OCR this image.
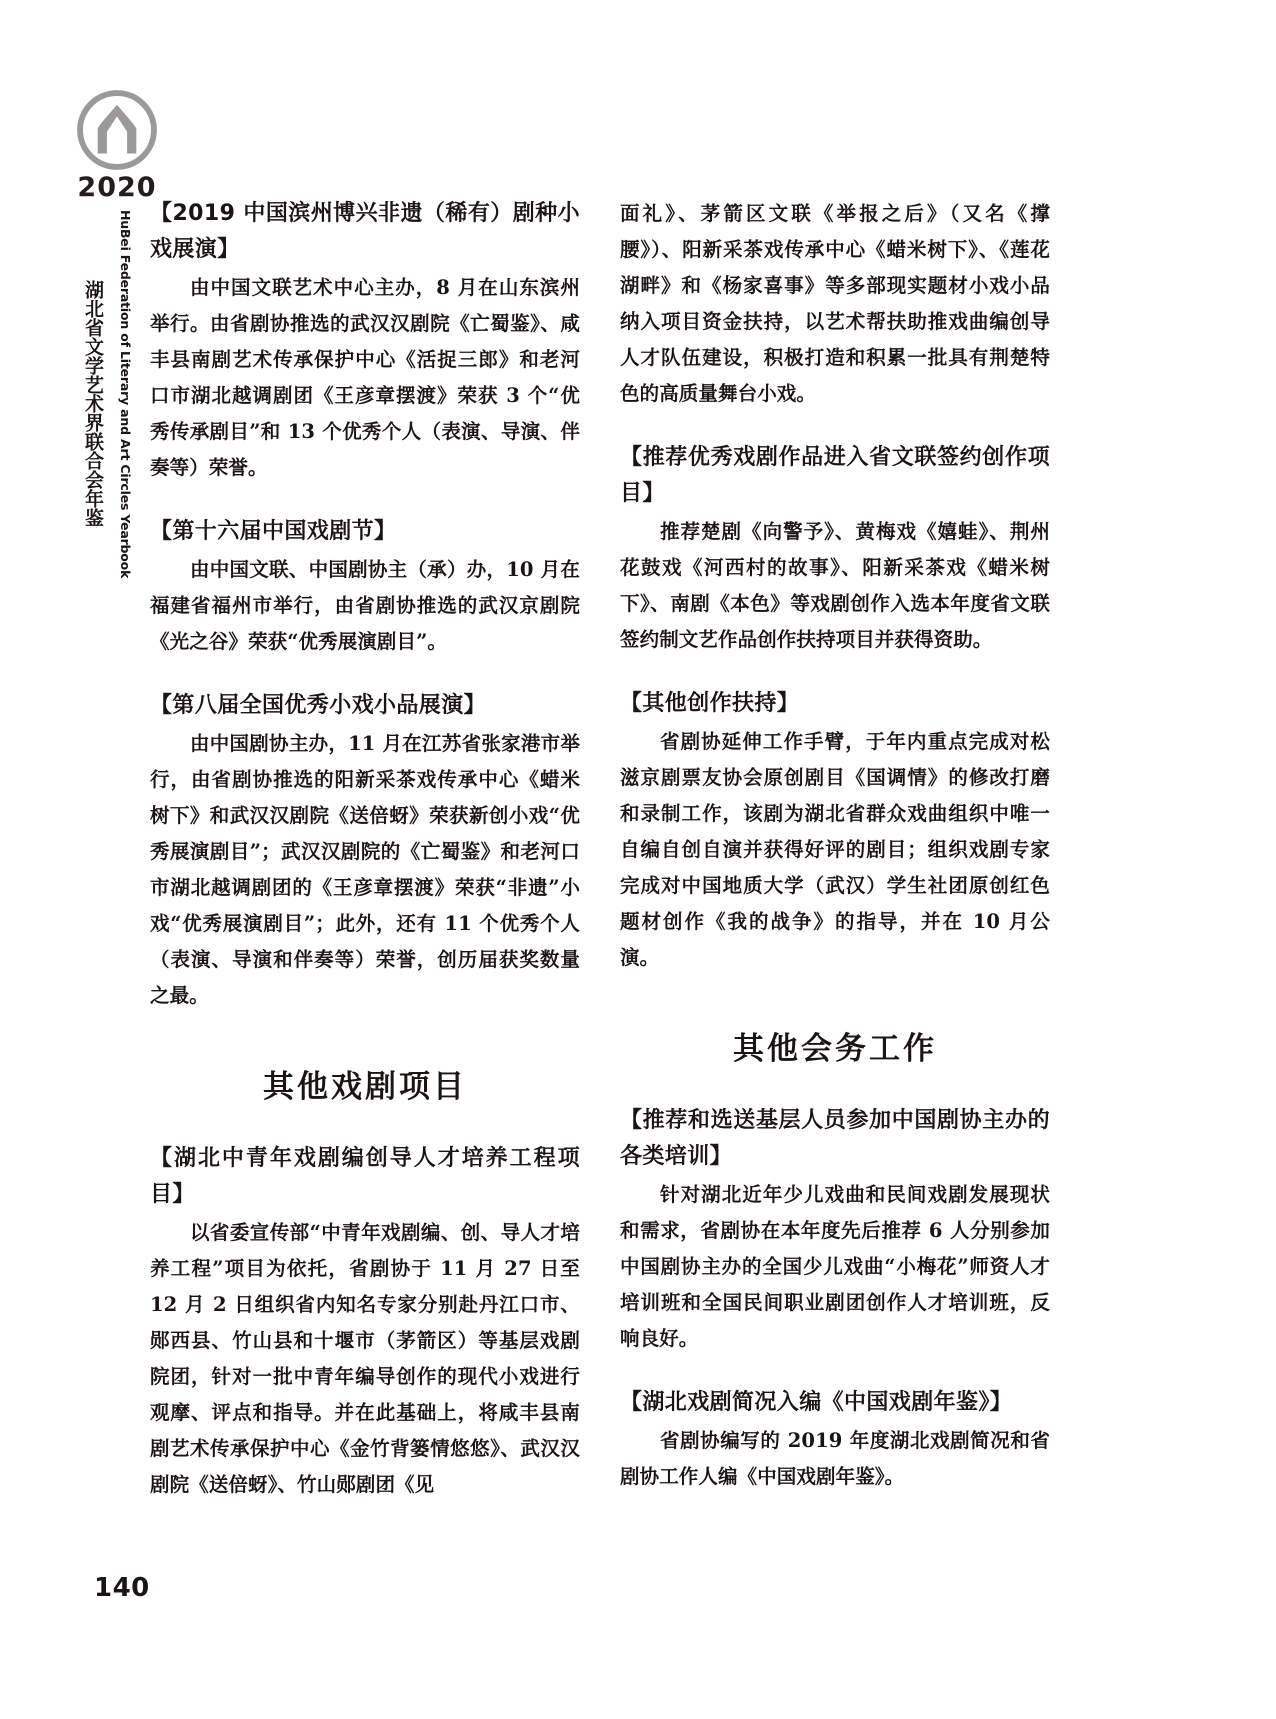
2020
湖北省文学艺术界联合会年鉴	HuBei Federation of Literary and Art Circles Yearbook 【2019 中国滨州博兴非遗（稀有）剧种小戏展演】

由中国文联艺术中心主办，8 月在山东滨州举行。由省剧协推选的武汉汉剧院《亡蜀鉴》、咸丰县南剧艺术传承保护中心《活捉三郎》和老河口市湖北越调剧团《王彦章摆渡》荣获 3 个“优秀传承剧目”和 13 个优秀个人（表演、导演、伴奏等）荣誉。

【第十六届中国戏剧节】

由中国文联、中国剧协主（承）办，10 月在福建省福州市举行，由省剧协推选的武汉京剧院《光之谷》荣获“优秀展演剧目”。

【第八届全国优秀小戏小品展演】

由中国剧协主办，11 月在江苏省张家港市举行，由省剧协推选的阳新采茶戏传承中心《蜡米树下》和武汉汉剧院《送倍蚜》荣获新创小戏“优秀展演剧目”；武汉汉剧院的《亡蜀鉴》和老河口市湖北越调剧团的《王彦章摆渡》荣获“非遗”小戏“优秀展演剧目”；此外，还有 11 个优秀个人（表演、导演和伴奏等）荣誉，创历届获奖数量之最。

其他戏剧项目
【湖北中青年戏剧编创导人才培养工程项目】

以省委宣传部“中青年戏剧编、创、导人才培养工程”项目为依托，省剧协于 11 月 27 日至 12 月 2 日组织省内知名专家分别赴丹江口市、郧西县、竹山县和十堰市（茅箭区）等基层戏剧院团，针对一批中青年编导创作的现代小戏进行观摩、评点和指导。并在此基础上，将咸丰县南剧艺术传承保护中心《金竹背篓情悠悠》、武汉汉剧院《送倍蚜》、竹山郧剧团《见

面礼》、茅箭区文联《举报之后》（又名《撑腰》）、阳新采茶戏传承中心《蜡米树下》、《莲花湖畔》和《杨家喜事》等多部现实题材小戏小品纳入项目资金扶持，以艺术帮扶助推戏曲编创导人才队伍建设，积极打造和积累一批具有荆楚特色的高质量舞台小戏。

【推荐优秀戏剧作品进入省文联签约创作项目】

推荐楚剧《向警予》、黄梅戏《嬉蛙》、荆州花鼓戏《河西村的故事》、阳新采茶戏《蜡米树下》、南剧《本色》等戏剧创作入选本年度省文联签约制文艺作品创作扶持项目并获得资助。

【其他创作扶持】

省剧协延伸工作手臂，于年内重点完成对松滋京剧票友协会原创剧目《国调情》的修改打磨和录制工作，该剧为湖北省群众戏曲组织中唯一自编自创自演并获得好评的剧目；组织戏剧专家完成对中国地质大学（武汉）学生社团原创红色题材创作《我的战争》的指导，并在 10 月公演。

其他会务工作
【推荐和选送基层人员参加中国剧协主办的各类培训】

针对湖北近年少儿戏曲和民间戏剧发展现状和需求，省剧协在本年度先后推荐 6 人分别参加中国剧协主办的全国少儿戏曲“小梅花”师资人才培训班和全国民间职业剧团创作人才培训班，反响良好。

【湖北戏剧简况入编《中国戏剧年鉴》】

省剧协编写的 2019 年度湖北戏剧简况和省剧协工作人编《中国戏剧年鉴》。

140
